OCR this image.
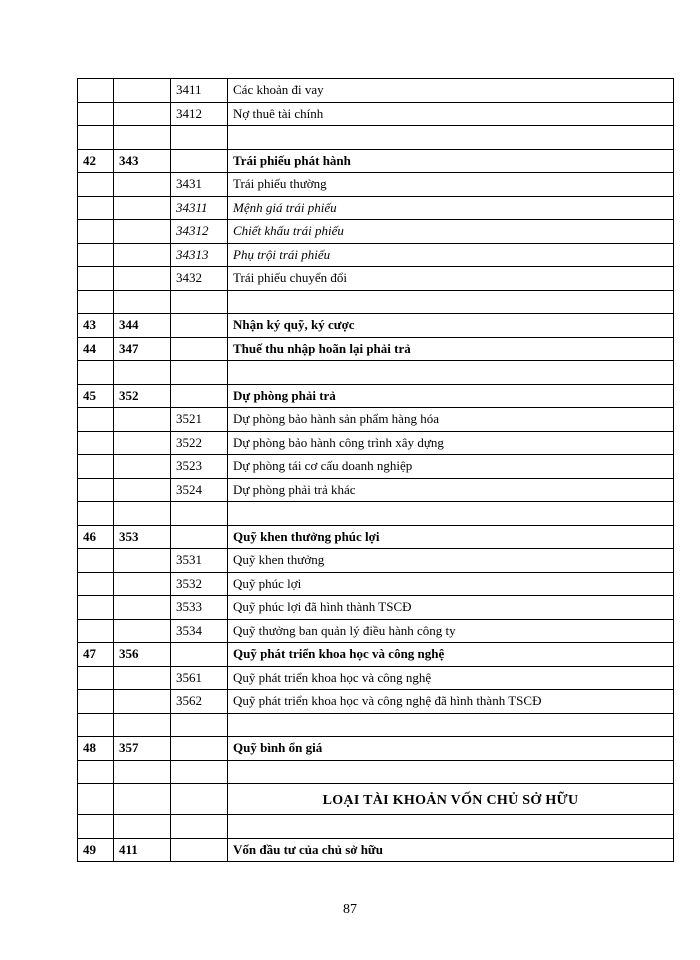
		3411	Các khoản đi vay
		3412	Nợ thuê tài chính

42	343		Trái phiếu phát hành
		3431	Trái phiếu thường
		34311	Mệnh giá trái phiếu
		34312	Chiết khấu trái phiếu
		34313	Phụ trội trái phiếu
		3432	Trái phiếu chuyển đổi

43	344		Nhận ký quỹ, ký cược
44	347		Thuế thu nhập hoãn lại phải trả

45	352		Dự phòng phải trả
		3521	Dự phòng bảo hành sản phẩm hàng hóa
		3522	Dự phòng bảo hành công trình xây dựng
		3523	Dự phòng tái cơ cấu doanh nghiệp
		3524	Dự phòng phải trả khác

46	353		Quỹ khen thưởng phúc lợi
		3531	Quỹ khen thưởng
		3532	Quỹ phúc lợi
		3533	Quỹ phúc lợi đã hình thành TSCĐ
		3534	Quỹ thưởng ban quản lý điều hành công ty
47	356		Quỹ phát triển khoa học và công nghệ
		3561	Quỹ phát triển khoa học và công nghệ
		3562	Quỹ phát triển khoa học và công nghệ đã hình thành TSCĐ

48	357		Quỹ bình ổn giá

			LOẠI TÀI KHOẢN VỐN CHỦ SỞ HỮU

49	411		Vốn đầu tư của chủ sở hữu
87
